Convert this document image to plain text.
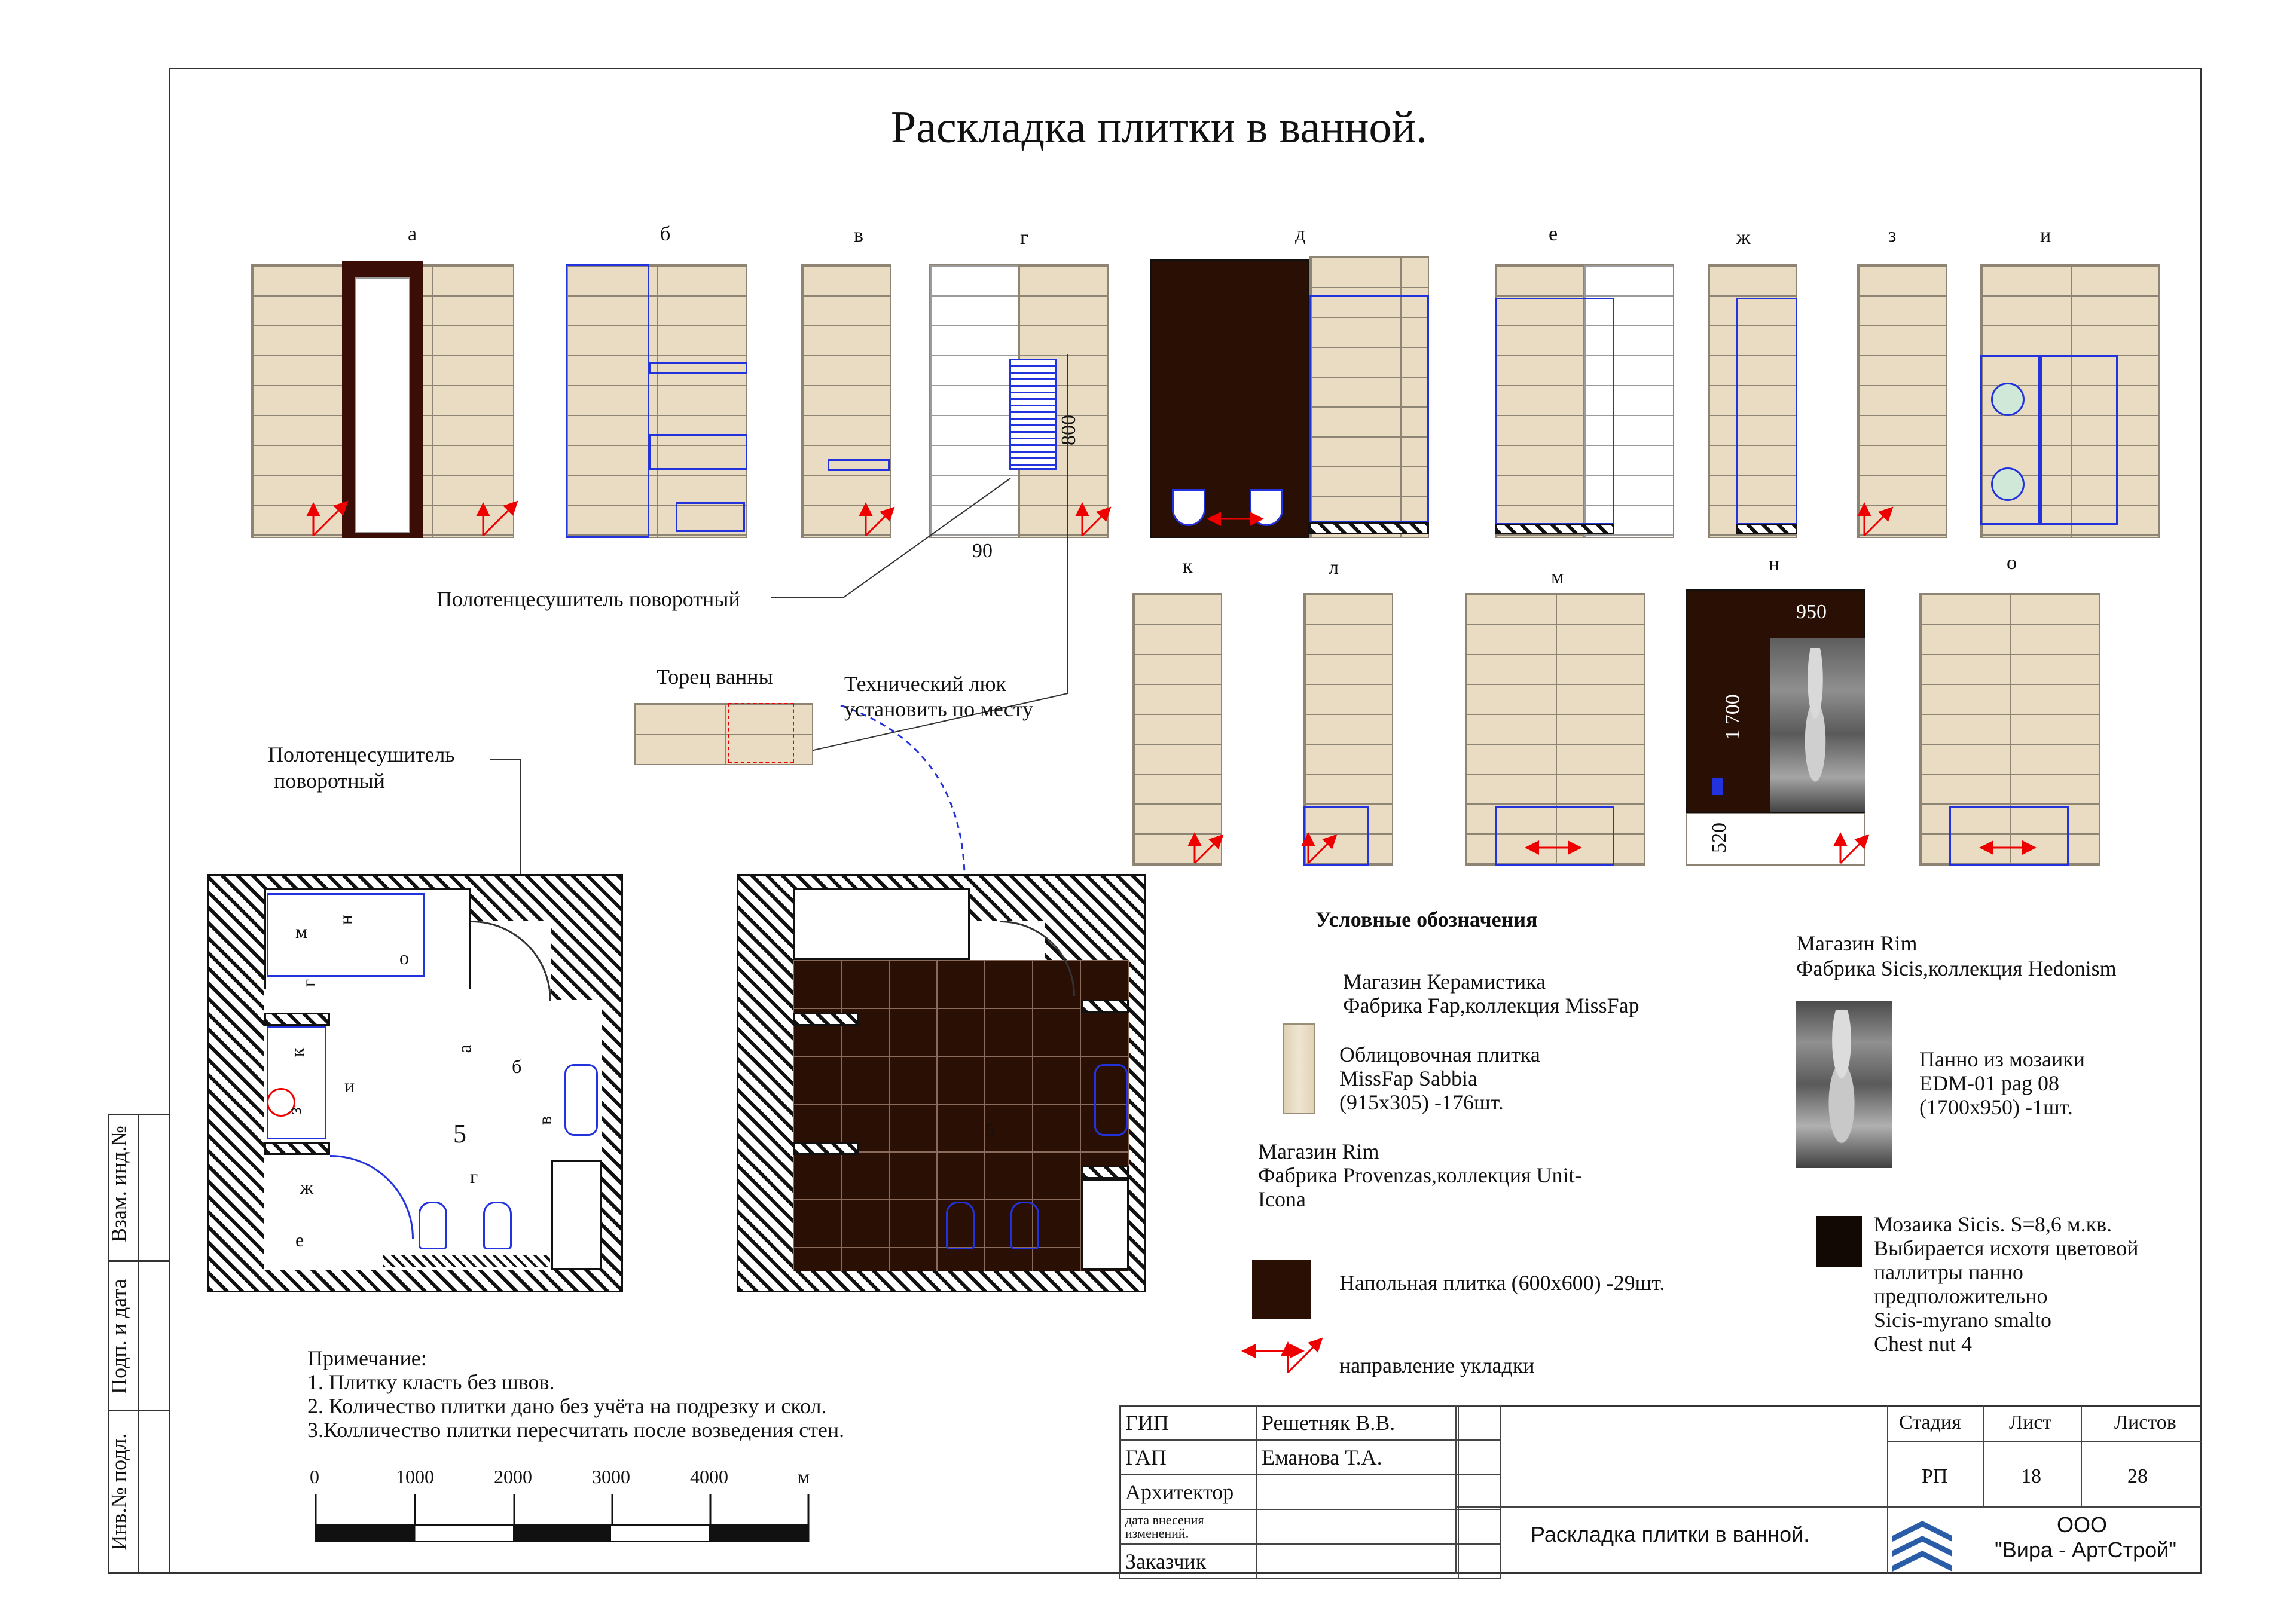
Взам. инд.№
Подп. и дата
Инв.№ подл.
Раскладка плитки в ванной.
а	б	в	г
800
90
д	е	ж	з	и
к	л	м
н
950
1 700
520
о
Полотенцесушитель поворотный
Торец ванны	Технический люк
установить по месту
Полотенцесушитель
поворотный
5
м
н
о
г
к
з
и
ж
е
а
б
в
г
5
Условные обозначения
Магазин Керамистика
Фабрика Fap,коллекция MissFap
Облицовочная плитка
MissFap Sabbia
(915x305) -176шт.
Магазин Rim
Фабрика Provenzas,коллекция Unit-
Icona
Напольная плитка (600x600) -29шт.
направление укладки
Магазин Rim
Фабрика Sicis,коллекция Hedonism
Панно из мозаики
EDM-01 pag 08
(1700x950) -1шт.
Мозаика Sicis. S=8,6 м.кв.
Выбирается исхотя цветовой
паллитры панно
предположительно
Sicis-myrano smalto
Chest nut 4
Примечание:
1. Плитку класть без швов.
2. Количество плитки дано без учёта на подрезку и скол.
3.Колличество плитки пересчитать после возведения стен.
0	1000	2000	3000	4000	м
ГИП	Решетняк В.В.	
ГАП	Еманова Т.А.	
Архитектор		
дата внесения
изменений.		
Заказчик		
Стадия Лист	Листов
РП	18	28
Раскладка плитки в ванной.	ООО
"Вира - АртСтрой"
